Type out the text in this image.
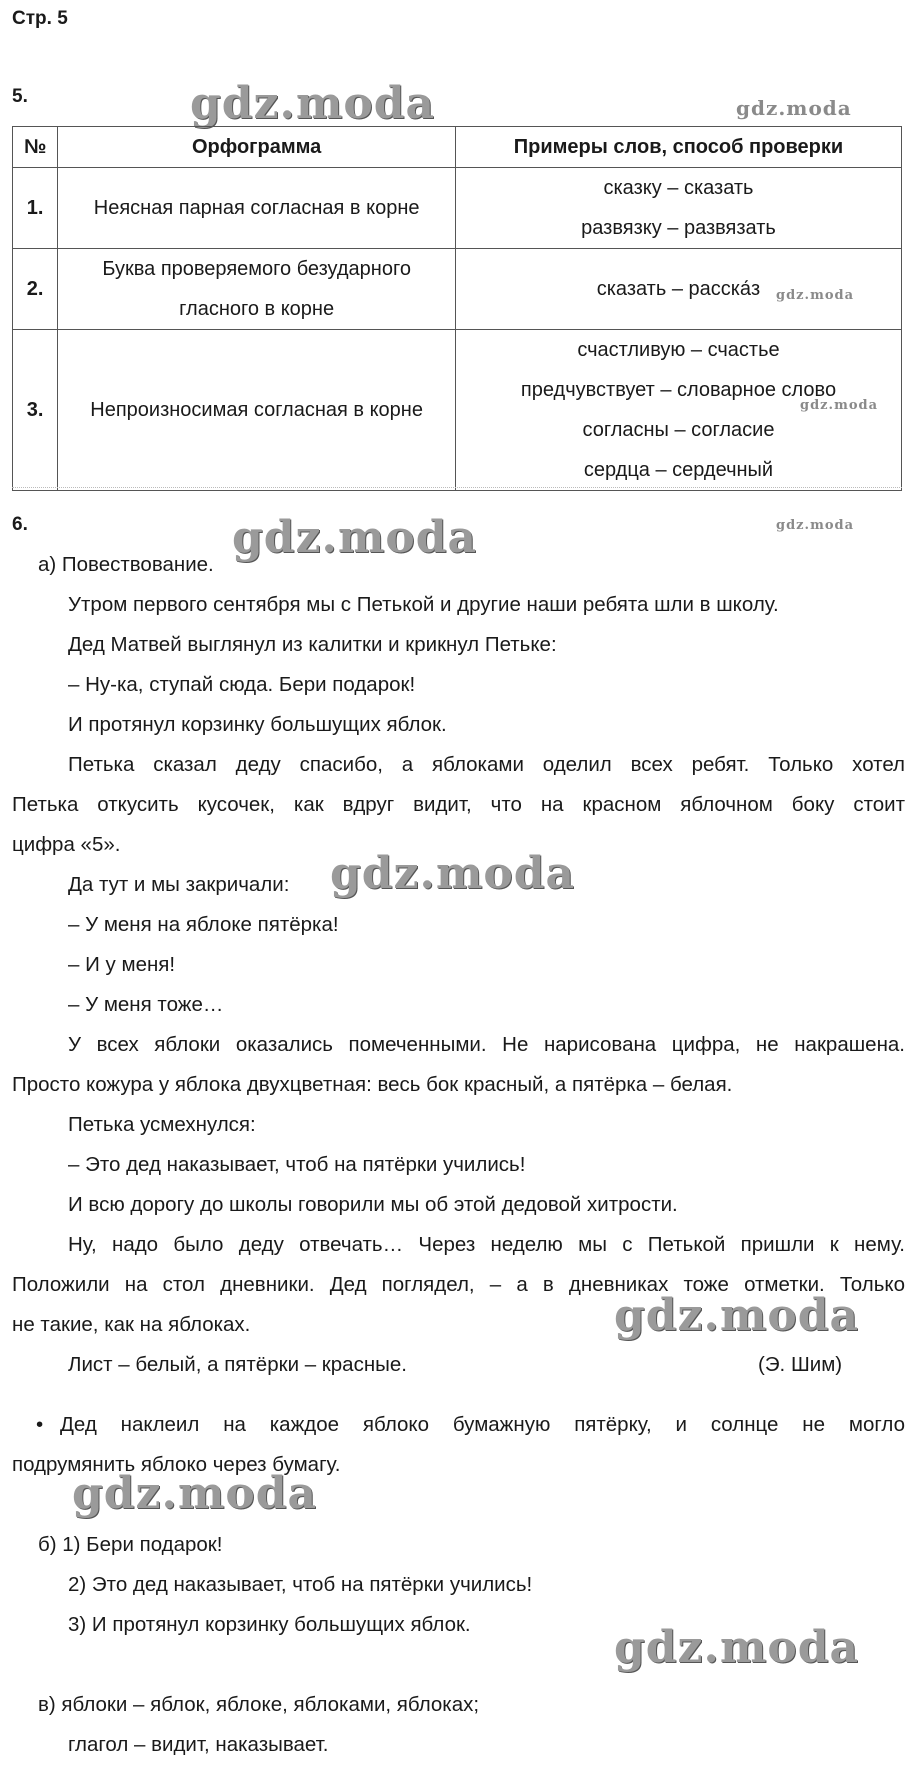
Стр. 5
5.	gdz.moda	gdz.moda
№	Орфограмма	Примеры слов, способ проверки
1.	Неясная парная согласная в корне	сказку – сказать
развязку – развязать

2.	Буква проверяемого безударного
гласного в корне	сказать – расска́з

3.	Непроизносимая согласная в корне	счастливую – счастье
предчувствует – словарное слово
согласны – согласие
сердца – сердечный
gdz.moda
gdz.moda
6.	gdz.moda	gdz.moda
а) Повествование.
Утром первого сентября мы с Петькой и другие наши ребята шли в школу.
Дед Матвей выглянул из калитки и крикнул Петьке:
– Ну-ка, ступай сюда. Бери подарок!
И протянул корзинку большущих яблок.
Петька сказал деду спасибо, а яблоками оделил всех ребят. Только хотел
Петька откусить кусочек, как вдруг видит, что на красном яблочном боку стоит
цифра «5».
Да тут и мы закричали:
– У меня на яблоке пятёрка!
– И у меня!
– У меня тоже…
У всех яблоки оказались помеченными. Не нарисована цифра, не накрашена.
Просто кожура у яблока двухцветная: весь бок красный, а пятёрка – белая.
Петька усмехнулся:
– Это дед наказывает, чтоб на пятёрки учились!
И всю дорогу до школы говорили мы об этой дедовой хитрости.
Ну, надо было деду отвечать… Через неделю мы с Петькой пришли к нему.
Положили на стол дневники. Дед поглядел, – а в дневниках тоже отметки. Только
не такие, как на яблоках.
Лист – белый, а пятёрки – красные.	(Э. Шим)
• Дед наклеил на каждое яблоко бумажную пятёрку, и солнце не могло
подрумянить яблоко через бумагу.
б) 1) Бери подарок!
2) Это дед наказывает, чтоб на пятёрки учились!
3) И протянул корзинку большущих яблок.
в) яблоки – яблок, яблоке, яблоками, яблоках;
глагол – видит, наказывает.
gdz.moda
gdz.moda
gdz.moda
gdz.moda
